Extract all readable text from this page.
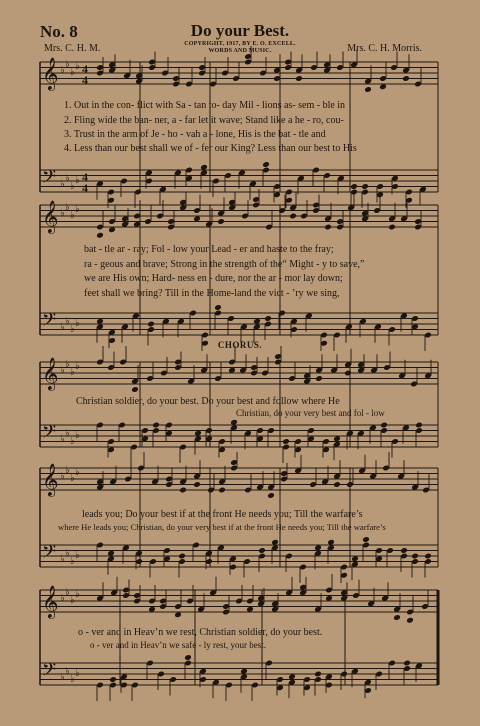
No. 8	Do your Best.
Mrs. C. H. M.	COPYRIGHT, 1917, BY E. O. EXCELL.
WORDS AND MUSIC.	Mrs. C. H. Morris.
𝄞 ♭
♭
♭
♭
𝄢 ♭
♭
♭
♭
𝄞 ♭
♭
♭
♭
𝄢 ♭
♭
♭
♭
𝄞 ♭
♭
♭
♭
𝄢 ♭
♭
♭
♭
𝄞 ♭
♭
♭
♭
𝄢 ♭
♭
♭
♭
𝄞 ♭
♭
♭
♭
𝄢 ♭
♭
♭
♭
4
4
4
4
1. Out in the con- flict with Sa - tan to- day Mil - lions as- sem - ble in
2. Fling wide the ban- ner, a - far let it wave; Stand like a he - ro, cou-
3. Trust in the arm of Je - ho - vah a - lone, His is the bat - tle and
4. Less than our best shall we of - fer our King? Less than our best to His
bat - tle ar - ray; Fol - low your Lead - er and haste to the fray;
ra - geous and brave; Strong in the strength of the“ Might - y to save,”
we are His own; Hard- ness en - dure, nor the ar - mor lay down;
feet shall we bring? Till in the Home-land the vict - ’ry we sing,
CHORUS.
Christian soldier, do your best. Do your best and follow where He
Christian, do your very best and fol - low
leads you; Do your best if at the front He needs you; Till the warfare’s
where He leads you; Christian, do your very best if at the front He needs you; Till the warfare’s
o - ver and in Heav’n we rest, Christian soldier, do your best.
o - ver and in Heav’n we safe - ly rest, your best.
